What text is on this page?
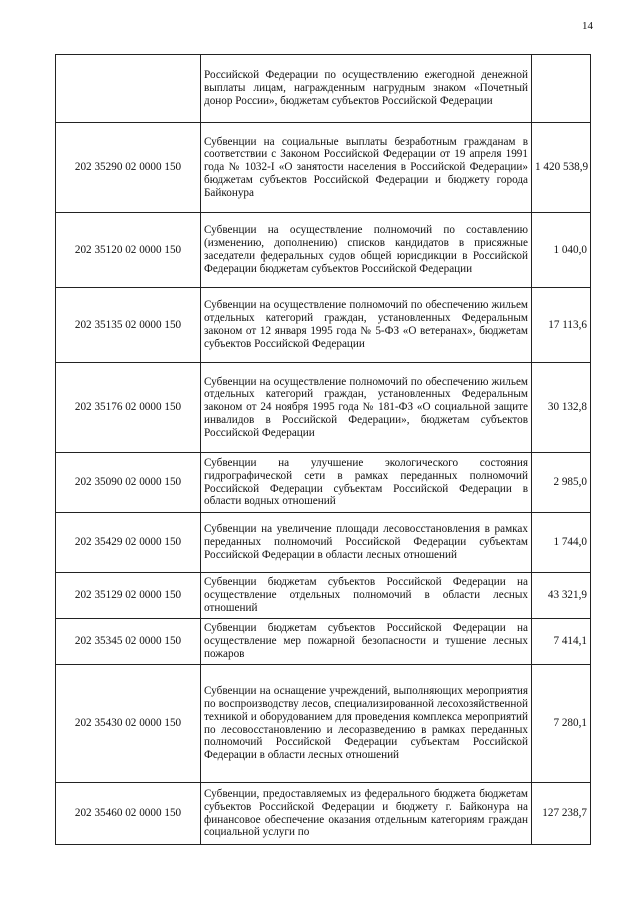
14
	Российской Федерации по осуществлению ежегодной денежной выплаты лицам, награжденным нагрудным знаком «Почетный донор России», бюджетам субъектов Российской Федерации	
202 35290 02 0000 150	Субвенции на социальные выплаты безработным гражданам в соответствии с Законом Российской Федерации от 19 апреля 1991 года № 1032-I «О занятости населения в Российской Федерации» бюджетам субъектов Российской Федерации и бюджету города Байконура	1 420 538,9
202 35120 02 0000 150	Субвенции на осуществление полномочий по составлению (изменению, дополнению) списков кандидатов в присяжные заседатели федеральных судов общей юрисдикции в Российской Федерации бюджетам субъектов Российской Федерации	1 040,0
202 35135 02 0000 150	Субвенции на осуществление полномочий по обеспечению жильем отдельных категорий граждан, установленных Федеральным законом от 12 января 1995 года № 5-ФЗ «О ветеранах», бюджетам субъектов Российской Федерации	17 113,6
202 35176 02 0000 150	Субвенции на осуществление полномочий по обеспечению жильем отдельных категорий граждан, установленных Федеральным законом от 24 ноября 1995 года № 181-ФЗ «О социальной защите инвалидов в Российской Федерации», бюджетам субъектов Российской Федерации	30 132,8
202 35090 02 0000 150	Субвенции на улучшение экологического состояния гидрографической сети в рамках переданных полномочий Российской Федерации субъектам Российской Федерации в области водных отношений	2 985,0
202 35429 02 0000 150	Субвенции на увеличение площади лесовосстановления в рамках переданных полномочий Российской Федерации субъектам Российской Федерации в области лесных отношений	1 744,0
202 35129 02 0000 150	Субвенции бюджетам субъектов Российской Федерации на осуществление отдельных полномочий в области лесных отношений	43 321,9
202 35345 02 0000 150	Субвенции бюджетам субъектов Российской Федерации на осуществление мер пожарной безопасности и тушение лесных пожаров	7 414,1
202 35430 02 0000 150	Субвенции на оснащение учреждений, выполняющих мероприятия по воспроизводству лесов, специализированной лесохозяйственной техникой и оборудованием для проведения комплекса мероприятий по лесовосстановлению и лесоразведению в рамках переданных полномочий Российской Федерации субъектам Российской Федерации в области лесных отношений	7 280,1
202 35460 02 0000 150	Субвенции, предоставляемых из федерального бюджета бюджетам субъектов Российской Федерации и бюджету г. Байконура на финансовое обеспечение оказания отдельным категориям граждан социальной услуги по	127 238,7
